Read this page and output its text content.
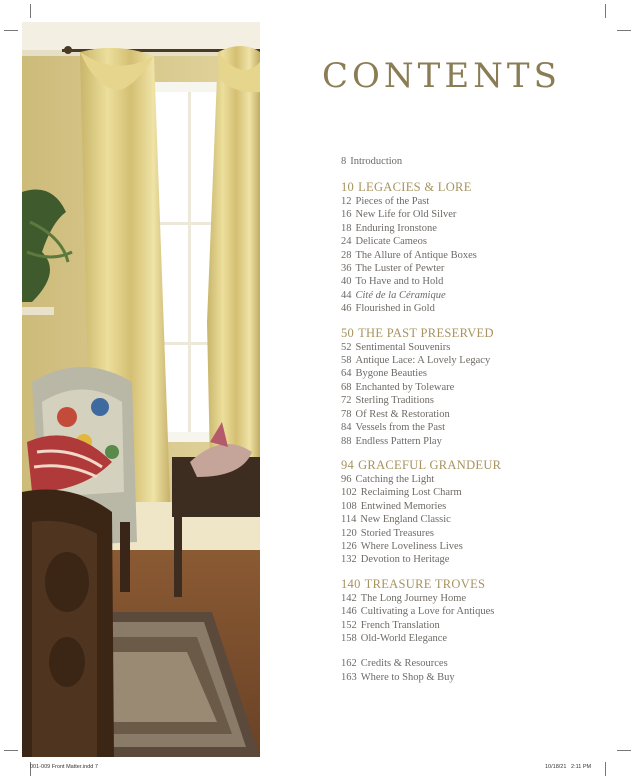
CONTENTS

8 Introduction

10 LEGACIES & LORE

12 Pieces of the Past
16 New Life for Old Silver
18 Enduring Ironstone
24 Delicate Cameos
28 The Allure of Antique Boxes
36 The Luster of Pewter
40 To Have and to Hold
44 Cité de la Céramique
46 Flourished in Gold

50 THE PAST PRESERVED

52 Sentimental Souvenirs
58 Antique Lace: A Lovely Legacy
64 Bygone Beauties
68 Enchanted by Toleware
72 Sterling Traditions
78 Of Rest & Restoration
84 Vessels from the Past
88 Endless Pattern Play

94 GRACEFUL GRANDEUR

96 Catching the Light
102 Reclaiming Lost Charm
108 Entwined Memories
114 New England Classic
120 Storied Treasures
126 Where Loveliness Lives
132 Devotion to Heritage

140 TREASURE TROVES

142 The Long Journey Home
146 Cultivating a Love for Antiques
152 French Translation
158 Old-World Elegance
162 Credits & Resources
163 Where to Shop & Buy
001-009 Front Matter.indd 7	10/18/21 2:11 PM
